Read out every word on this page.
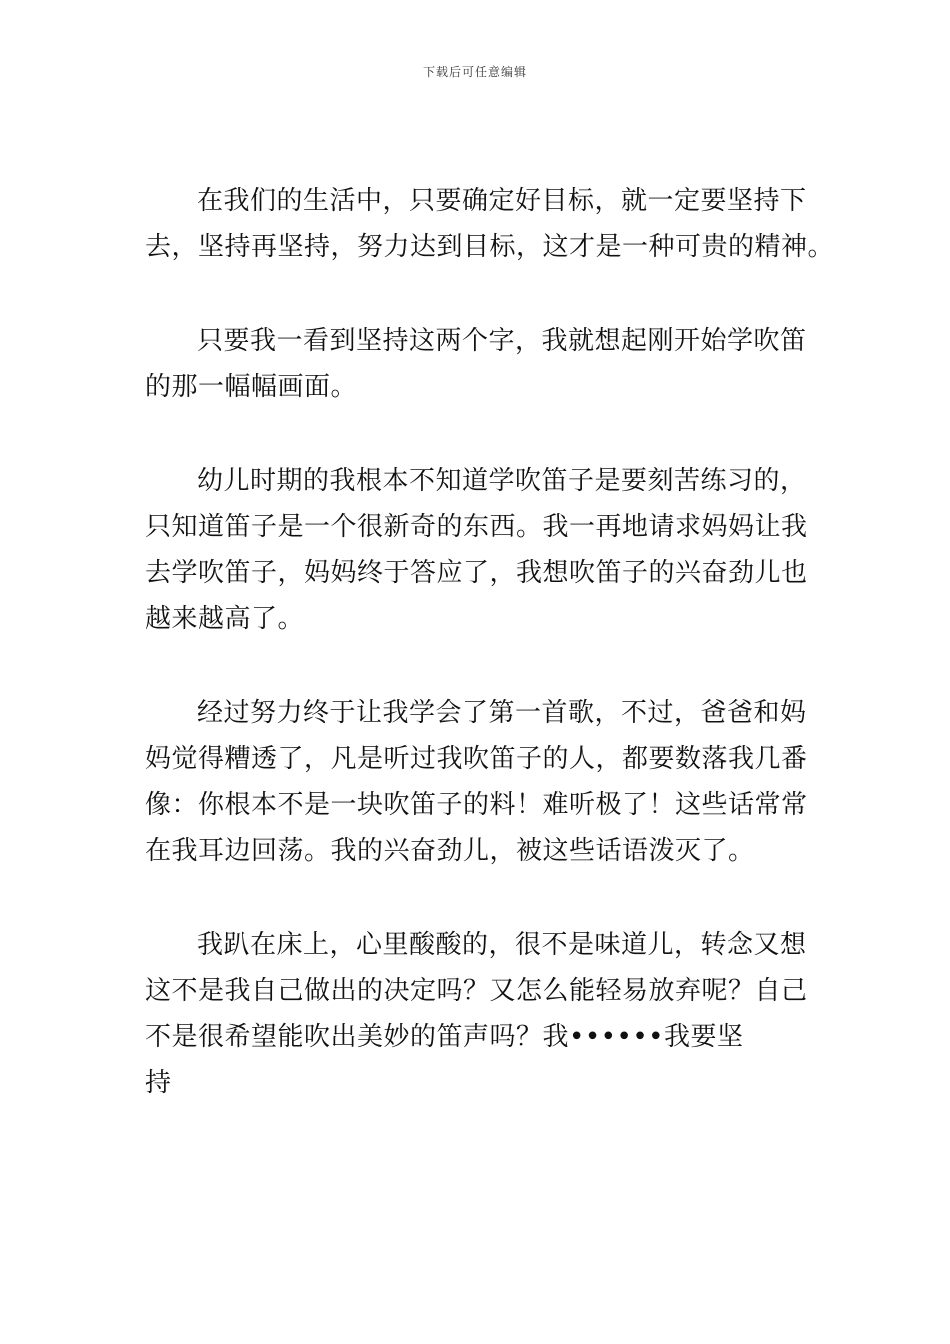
下载后可任意编辑

在我们的生活中，只要确定好目标，就一定要坚持下
去，坚持再坚持，努力达到目标，这才是一种可贵的精神。

只要我一看到坚持这两个字，我就想起刚开始学吹笛
的那一幅幅画面。

幼儿时期的我根本不知道学吹笛子是要刻苦练习的，
只知道笛子是一个很新奇的东西。我一再地请求妈妈让我
去学吹笛子，妈妈终于答应了，我想吹笛子的兴奋劲儿也
越来越高了。

经过努力终于让我学会了第一首歌，不过，爸爸和妈
妈觉得糟透了，凡是听过我吹笛子的人，都要数落我几番
像：你根本不是一块吹笛子的料！难听极了！这些话常常
在我耳边回荡。我的兴奋劲儿，被这些话语泼灭了。

我趴在床上，心里酸酸的，很不是味道儿，转念又想
这不是我自己做出的决定吗？又怎么能轻易放弃呢？自己
不是很希望能吹出美妙的笛声吗？我••••••我要坚
持
